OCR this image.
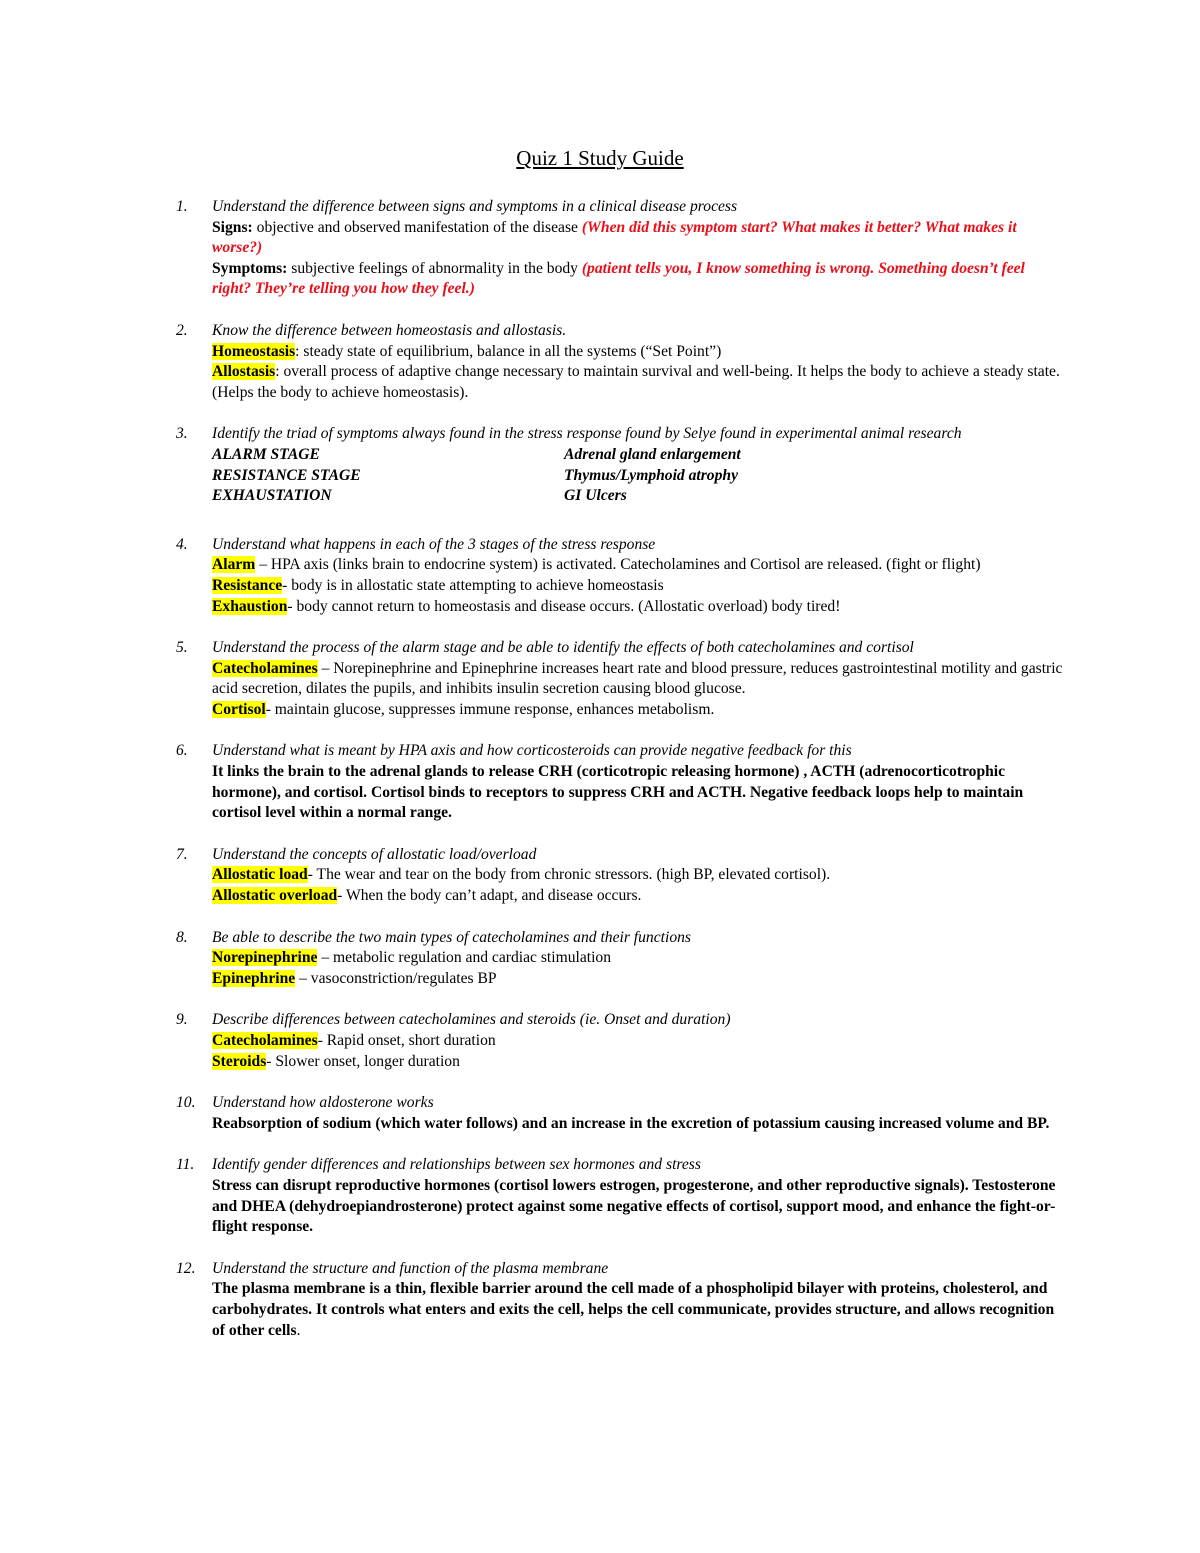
Quiz 1 Study Guide
1. Understand the difference between signs and symptoms in a clinical disease process
Signs: objective and observed manifestation of the disease (When did this symptom start? What makes it better? What makes it worse?)
Symptoms: subjective feelings of abnormality in the body (patient tells you, I know something is wrong. Something doesn’t feel right? They’re telling you how they feel.)
2. Know the difference between homeostasis and allostasis.
Homeostasis: steady state of equilibrium, balance in all the systems (“Set Point”)
Allostasis: overall process of adaptive change necessary to maintain survival and well-being. It helps the body to achieve a steady state. (Helps the body to achieve homeostasis).
3. Identify the triad of symptoms always found in the stress response found by Selye found in experimental animal research
ALARM STAGE	Adrenal gland enlargement
RESISTANCE STAGE	Thymus/Lymphoid atrophy
EXHAUSTATION	GI Ulcers
4. Understand what happens in each of the 3 stages of the stress response
Alarm – HPA axis (links brain to endocrine system) is activated. Catecholamines and Cortisol are released. (fight or flight)
Resistance- body is in allostatic state attempting to achieve homeostasis
Exhaustion- body cannot return to homeostasis and disease occurs. (Allostatic overload) body tired!
5. Understand the process of the alarm stage and be able to identify the effects of both catecholamines and cortisol
Catecholamines – Norepinephrine and Epinephrine increases heart rate and blood pressure, reduces gastrointestinal motility and gastric acid secretion, dilates the pupils, and inhibits insulin secretion causing blood glucose.
Cortisol- maintain glucose, suppresses immune response, enhances metabolism.
6. Understand what is meant by HPA axis and how corticosteroids can provide negative feedback for this
It links the brain to the adrenal glands to release CRH (corticotropic releasing hormone) , ACTH (adrenocorticotrophic hormone), and cortisol. Cortisol binds to receptors to suppress CRH and ACTH. Negative feedback loops help to maintain cortisol level within a normal range.
7. Understand the concepts of allostatic load/overload
Allostatic load- The wear and tear on the body from chronic stressors. (high BP, elevated cortisol).
Allostatic overload- When the body can’t adapt, and disease occurs.
8. Be able to describe the two main types of catecholamines and their functions
Norepinephrine – metabolic regulation and cardiac stimulation
Epinephrine – vasoconstriction/regulates BP
9. Describe differences between catecholamines and steroids (ie. Onset and duration)
Catecholamines- Rapid onset, short duration
Steroids- Slower onset, longer duration
10. Understand how aldosterone works
Reabsorption of sodium (which water follows) and an increase in the excretion of potassium causing increased volume and BP.
11. Identify gender differences and relationships between sex hormones and stress
Stress can disrupt reproductive hormones (cortisol lowers estrogen, progesterone, and other reproductive signals). Testosterone and DHEA (dehydroepiandrosterone) protect against some negative effects of cortisol, support mood, and enhance the fight-or-flight response.
12. Understand the structure and function of the plasma membrane
The plasma membrane is a thin, flexible barrier around the cell made of a phospholipid bilayer with proteins, cholesterol, and carbohydrates. It controls what enters and exits the cell, helps the cell communicate, provides structure, and allows recognition of other cells.
